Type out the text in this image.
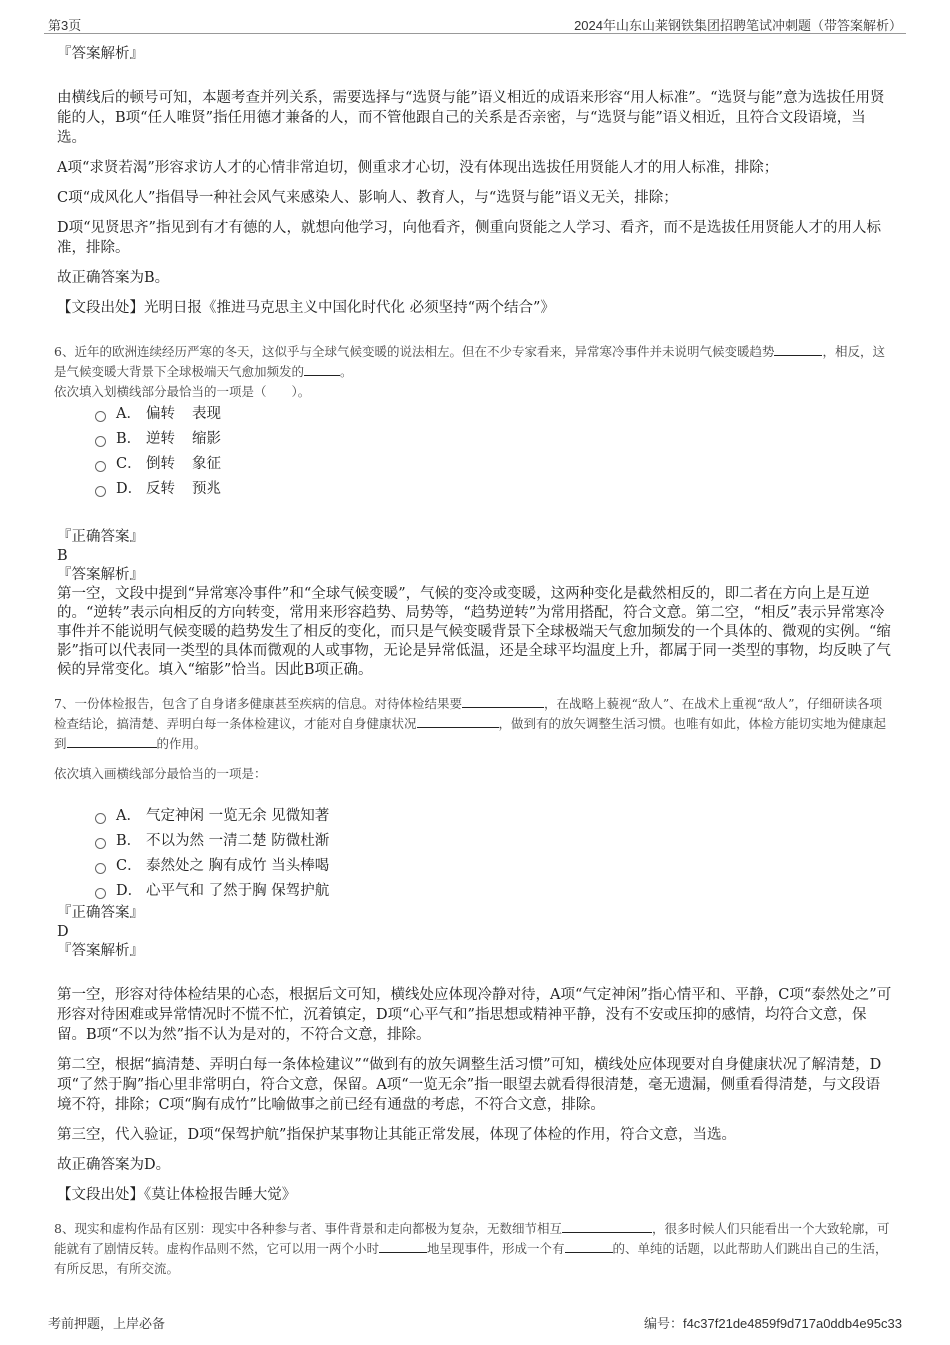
第3页	2024年山东山莱钢铁集团招聘笔试冲刺题（带答案解析）

『答案解析』

由横线后的顿号可知，本题考查并列关系，需要选择与“选贤与能”语义相近的成语来形容“用人标准”。“选贤与能”意为选拔任用贤能的人，B项“任人唯贤”指任用德才兼备的人，而不管他跟自己的关系是否亲密，与“选贤与能”语义相近，且符合文段语境，当选。

A项“求贤若渴”形容求访人才的心情非常迫切，侧重求才心切，没有体现出选拔任用贤能人才的用人标准，排除；

C项“成风化人”指倡导一种社会风气来感染人、影响人、教育人，与“选贤与能”语义无关，排除；

D项“见贤思齐”指见到有才有德的人，就想向他学习，向他看齐，侧重向贤能之人学习、看齐，而不是选拔任用贤能人才的用人标准，排除。

故正确答案为B。

【文段出处】光明日报《推进马克思主义中国化时代化 必须坚持“两个结合”》

6、近年的欧洲连续经历严寒的冬天，这似乎与全球气候变暖的说法相左。但在不少专家看来，异常寒冷事件并未说明气候变暖趋势	，相反，这是气候变暖大背景下全球极端天气愈加频发的	。

依次填入划横线部分最恰当的一项是（　　）。

A． 偏转 表现
B． 逆转 缩影
C． 倒转 象征
D． 反转 预兆

『正确答案』

B

『答案解析』

第一空，文段中提到“异常寒冷事件”和“全球气候变暖”，气候的变冷或变暖，这两种变化是截然相反的，即二者在方向上是互逆的。“逆转”表示向相反的方向转变，常用来形容趋势、局势等，“趋势逆转”为常用搭配，符合文意。第二空，“相反”表示异常寒冷事件并不能说明气候变暖的趋势发生了相反的变化，而只是气候变暖背景下全球极端天气愈加频发的一个具体的、微观的实例。“缩影”指可以代表同一类型的具体而微观的人或事物，无论是异常低温，还是全球平均温度上升，都属于同一类型的事物，均反映了气候的异常变化。填入“缩影”恰当。因此B项正确。

7、一份体检报告，包含了自身诸多健康甚至疾病的信息。对待体检结果要	，在战略上藐视“敌人”、在战术上重视“敌人”，仔细研读各项检查结论，搞清楚、弄明白每一条体检建议，才能对自身健康状况	，做到有的放矢调整生活习惯。也唯有如此，体检方能切实地为健康起到	的作用。

依次填入画横线部分最恰当的一项是：

A． 气定神闲 一览无余 见微知著
B． 不以为然 一清二楚 防微杜渐
C． 泰然处之 胸有成竹 当头棒喝
D． 心平气和 了然于胸 保驾护航

『正确答案』

D

『答案解析』

第一空，形容对待体检结果的心态，根据后文可知，横线处应体现冷静对待，A项“气定神闲”指心情平和、平静，C项“泰然处之”可形容对待困难或异常情况时不慌不忙，沉着镇定，D项“心平气和”指思想或精神平静，没有不安或压抑的感情，均符合文意，保留。B项“不以为然”指不认为是对的，不符合文意，排除。

第二空，根据“搞清楚、弄明白每一条体检建议”“做到有的放矢调整生活习惯”可知，横线处应体现要对自身健康状况了解清楚，D项“了然于胸”指心里非常明白，符合文意，保留。A项“一览无余”指一眼望去就看得很清楚，毫无遗漏，侧重看得清楚，与文段语境不符，排除；C项“胸有成竹”比喻做事之前已经有通盘的考虑，不符合文意，排除。

第三空，代入验证，D项“保驾护航”指保护某事物让其能正常发展，体现了体检的作用，符合文意，当选。

故正确答案为D。

【文段出处】《莫让体检报告睡大觉》

8、现实和虚构作品有区别：现实中各种参与者、事件背景和走向都极为复杂，无数细节相互	，很多时候人们只能看出一个大致轮廓，可能就有了剧情反转。虚构作品则不然，它可以用一两个小时	地呈现事件，形成一个有	的、单纯的话题，以此帮助人们跳出自己的生活，有所反思，有所交流。

考前押题，上岸必备	编号：f4c37f21de4859f9d717a0ddb4e95c33
